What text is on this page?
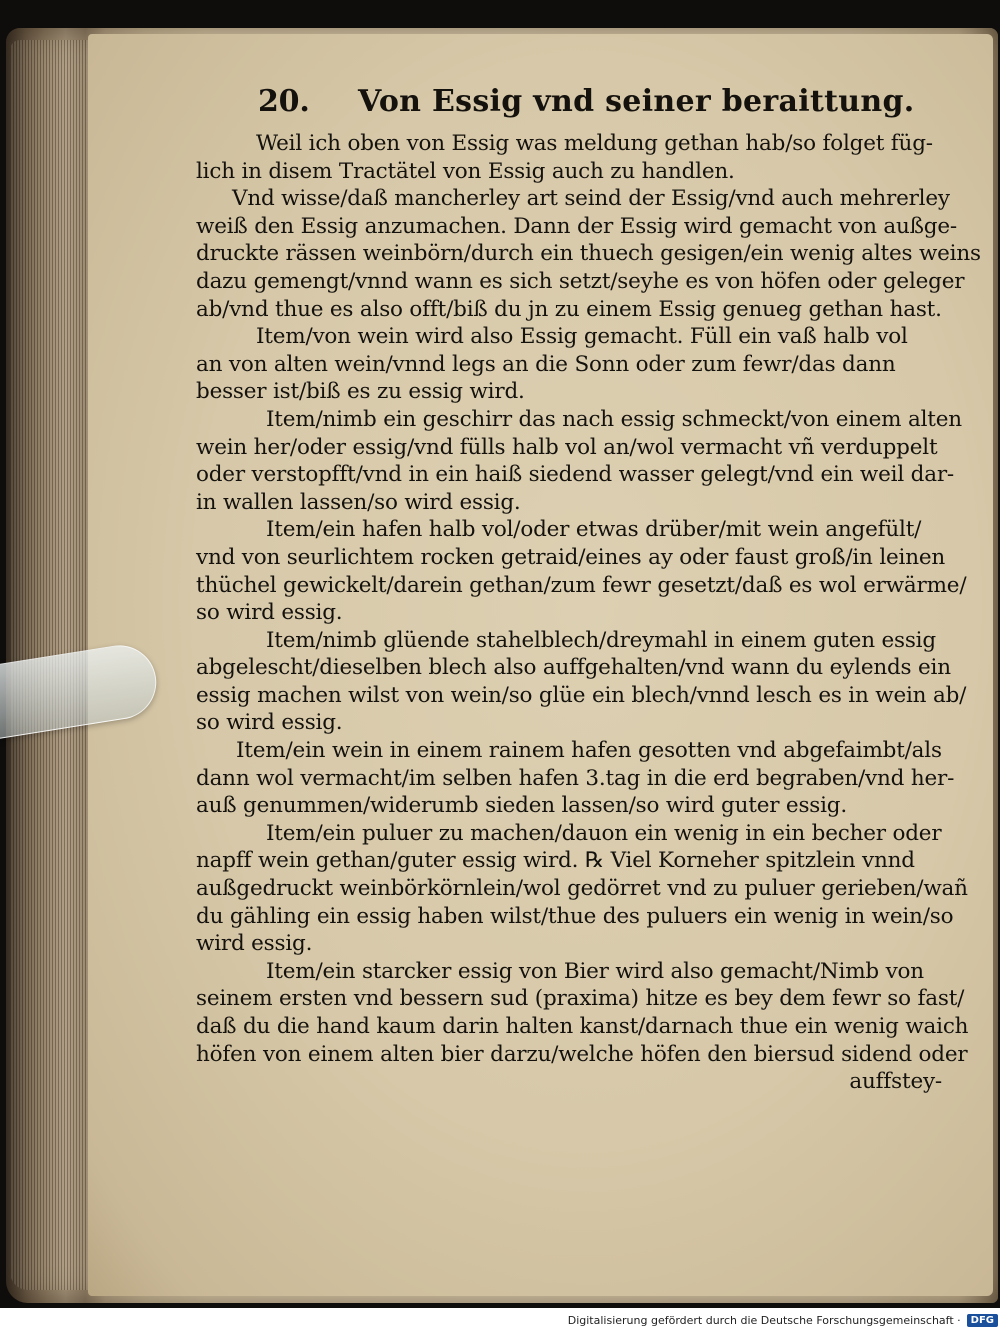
20.	Von Essig vnd seiner beraittung.
Weil ich oben von Essig was meldung gethan hab/so folget füg-
lich in disem Tractätel von Essig auch zu handlen.
Vnd wisse/daß mancherley art seind der Essig/vnd auch mehrerley
weiß den Essig anzumachen. Dann der Essig wird gemacht von außge-
druckte rässen weinbörn/durch ein thuech gesigen/ein wenig altes weins
dazu gemengt/vnnd wann es sich setzt/seyhe es von höfen oder geleger
ab/vnd thue es also offt/biß du jn zu einem Essig genueg gethan hast.
Item/von wein wird also Essig gemacht. Füll ein vaß halb vol
an von alten wein/vnnd legs an die Sonn oder zum fewr/das dann
besser ist/biß es zu essig wird.
Item/nimb ein geschirr das nach essig schmeckt/von einem alten
wein her/oder essig/vnd fülls halb vol an/wol vermacht vñ verduppelt
oder verstopfft/vnd in ein haiß siedend wasser gelegt/vnd ein weil dar-
in wallen lassen/so wird essig.
Item/ein hafen halb vol/oder etwas drüber/mit wein angefült/
vnd von seurlichtem rocken getraid/eines ay oder faust groß/in leinen
thüchel gewickelt/darein gethan/zum fewr gesetzt/daß es wol erwärme/
so wird essig.
Item/nimb glüende stahelblech/dreymahl in einem guten essig
abgelescht/dieselben blech also auffgehalten/vnd wann du eylends ein
essig machen wilst von wein/so glüe ein blech/vnnd lesch es in wein ab/
so wird essig.
Item/ein wein in einem rainem hafen gesotten vnd abgefaimbt/als
dann wol vermacht/im selben hafen 3.tag in die erd begraben/vnd her-
auß genummen/widerumb sieden lassen/so wird guter essig.
Item/ein puluer zu machen/dauon ein wenig in ein becher oder
napff wein gethan/guter essig wird. ℞ Viel Korneher spitzlein vnnd
außgedruckt weinbörkörnlein/wol gedörret vnd zu puluer gerieben/wañ
du gähling ein essig haben wilst/thue des puluers ein wenig in wein/so
wird essig.
Item/ein starcker essig von Bier wird also gemacht/Nimb von
seinem ersten vnd bessern sud (praxima) hitze es bey dem fewr so fast/
daß du die hand kaum darin halten kanst/darnach thue ein wenig waich
höfen von einem alten bier darzu/welche höfen den biersud sidend oder
auffstey-
Digitalisierung gefördert durch die Deutsche Forschungsgemeinschaft ·	DFG
